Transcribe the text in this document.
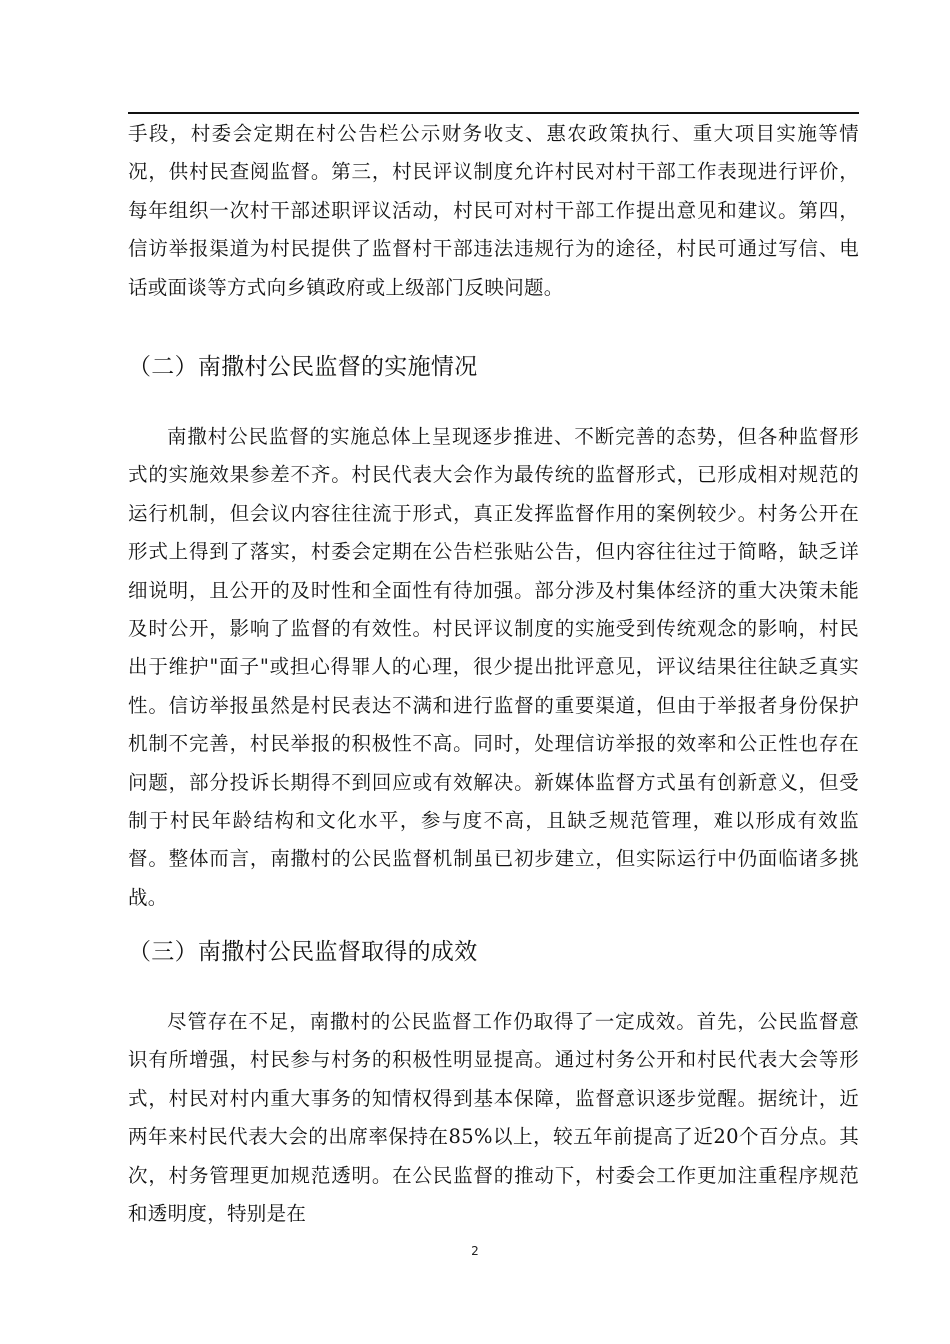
手段，村委会定期在村公告栏公示财务收支、惠农政策执行、重大项目实施等情况，供村民查阅监督。第三，村民评议制度允许村民对村干部工作表现进行评价，每年组织一次村干部述职评议活动，村民可对村干部工作提出意见和建议。第四，信访举报渠道为村民提供了监督村干部违法违规行为的途径，村民可通过写信、电话或面谈等方式向乡镇政府或上级部门反映问题。

（二）南撒村公民监督的实施情况

南撒村公民监督的实施总体上呈现逐步推进、不断完善的态势，但各种监督形式的实施效果参差不齐。村民代表大会作为最传统的监督形式，已形成相对规范的运行机制，但会议内容往往流于形式，真正发挥监督作用的案例较少。村务公开在形式上得到了落实，村委会定期在公告栏张贴公告，但内容往往过于简略，缺乏详细说明，且公开的及时性和全面性有待加强。部分涉及村集体经济的重大决策未能及时公开，影响了监督的有效性。村民评议制度的实施受到传统观念的影响，村民出于维护"面子"或担心得罪人的心理，很少提出批评意见，评议结果往往缺乏真实性。信访举报虽然是村民表达不满和进行监督的重要渠道，但由于举报者身份保护机制不完善，村民举报的积极性不高。同时，处理信访举报的效率和公正性也存在问题，部分投诉长期得不到回应或有效解决。新媒体监督方式虽有创新意义，但受制于村民年龄结构和文化水平，参与度不高，且缺乏规范管理，难以形成有效监督。整体而言，南撒村的公民监督机制虽已初步建立，但实际运行中仍面临诸多挑战。

（三）南撒村公民监督取得的成效

尽管存在不足，南撒村的公民监督工作仍取得了一定成效。首先，公民监督意识有所增强，村民参与村务的积极性明显提高。通过村务公开和村民代表大会等形式，村民对村内重大事务的知情权得到基本保障，监督意识逐步觉醒。据统计，近两年来村民代表大会的出席率保持在85%以上，较五年前提高了近20个百分点。其次，村务管理更加规范透明。在公民监督的推动下，村委会工作更加注重程序规范和透明度，特别是在

2
